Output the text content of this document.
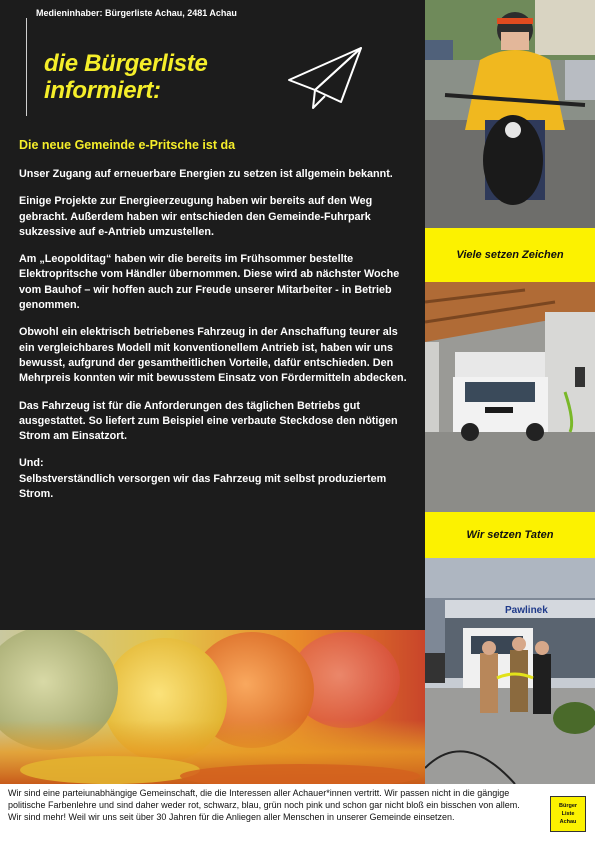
Medieninhaber: Bürgerliste Achau, 2481 Achau
die Bürgerliste
informiert:
Die neue Gemeinde e-Pritsche ist da

Unser Zugang auf erneuerbare Energien zu setzen ist allgemein bekannt.

Einige Projekte zur Energieerzeugung haben wir bereits auf den Weg gebracht. Außerdem haben wir entschieden den Gemeinde-Fuhrpark sukzessive auf e-Antrieb umzustellen.

Am „Leopolditag“ haben wir die bereits im Frühsommer bestellte Elektropritsche vom Händler übernommen. Diese wird ab nächster Woche vom Bauhof – wir hoffen auch zur Freude unserer Mitarbeiter - in Betrieb genommen.

Obwohl ein elektrisch betriebenes Fahrzeug in der Anschaffung teurer als ein vergleichbares Modell mit konventionellem Antrieb ist, haben wir uns bewusst, aufgrund der gesamtheitlichen Vorteile, dafür entschieden. Den Mehrpreis konnten wir mit bewusstem Einsatz von Fördermitteln abdecken.

Das Fahrzeug ist für die Anforderungen des täglichen Betriebs gut ausgestattet. So liefert zum Beispiel eine verbaute Steckdose den nötigen Strom am Einsatzort.

Und:

Selbstverständlich versorgen wir das Fahrzeug mit selbst produziertem Strom.

Viele setzen Zeichen
Wir setzen Taten
Pawlinek
Wir sind eine parteiunabhängige Gemeinschaft, die die Interessen aller Achauer*innen vertritt. Wir passen nicht in die gängige politische Farbenlehre und sind daher weder rot, schwarz, blau, grün noch pink und schon gar nicht bloß ein bisschen von allem. Wir sind mehr! Weil wir uns seit über 30 Jahren für die Anliegen aller Menschen in unserer Gemeinde einsetzen.
Bürger
Liste
Achau
